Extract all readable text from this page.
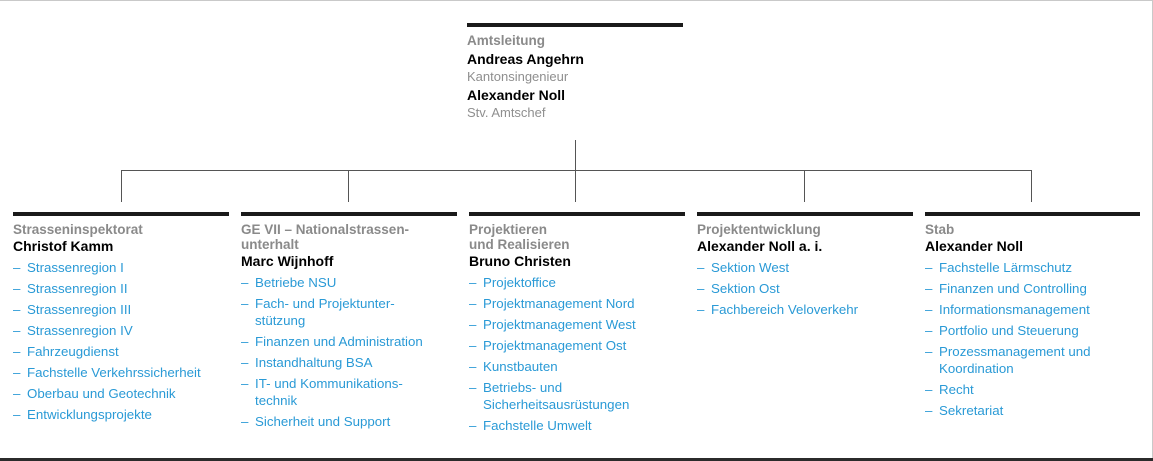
Amtsleitung
Andreas Angehrn
Kantonsingenieur
Alexander Noll
Stv. Amtschef
Strasseninspektorat
Christof Kamm
– Strassenregion I
– Strassenregion II
– Strassenregion III
– Strassenregion IV
– Fahrzeugdienst
– Fachstelle Verkehrssicherheit
– Oberbau und Geotechnik
– Entwicklungsprojekte
GE VII – Nationalstrassen-
unterhalt
Marc Wijnhoff
– Betriebe NSU
– Fach- und Projektunter-
stützung
– Finanzen und Administration
– Instandhaltung BSA
– IT- und Kommunikations-
technik
– Sicherheit und Support
Projektieren
und Realisieren
Bruno Christen
– Projektoffice
– Projektmanagement Nord
– Projektmanagement West
– Projektmanagement Ost
– Kunstbauten
– Betriebs- und
Sicherheitsausrüstungen
– Fachstelle Umwelt
Projektentwicklung
Alexander Noll a. i.
– Sektion West
– Sektion Ost
– Fachbereich Veloverkehr
Stab
Alexander Noll
– Fachstelle Lärmschutz
– Finanzen und Controlling
– Informationsmanagement
– Portfolio und Steuerung
– Prozessmanagement und
Koordination
– Recht
– Sekretariat
